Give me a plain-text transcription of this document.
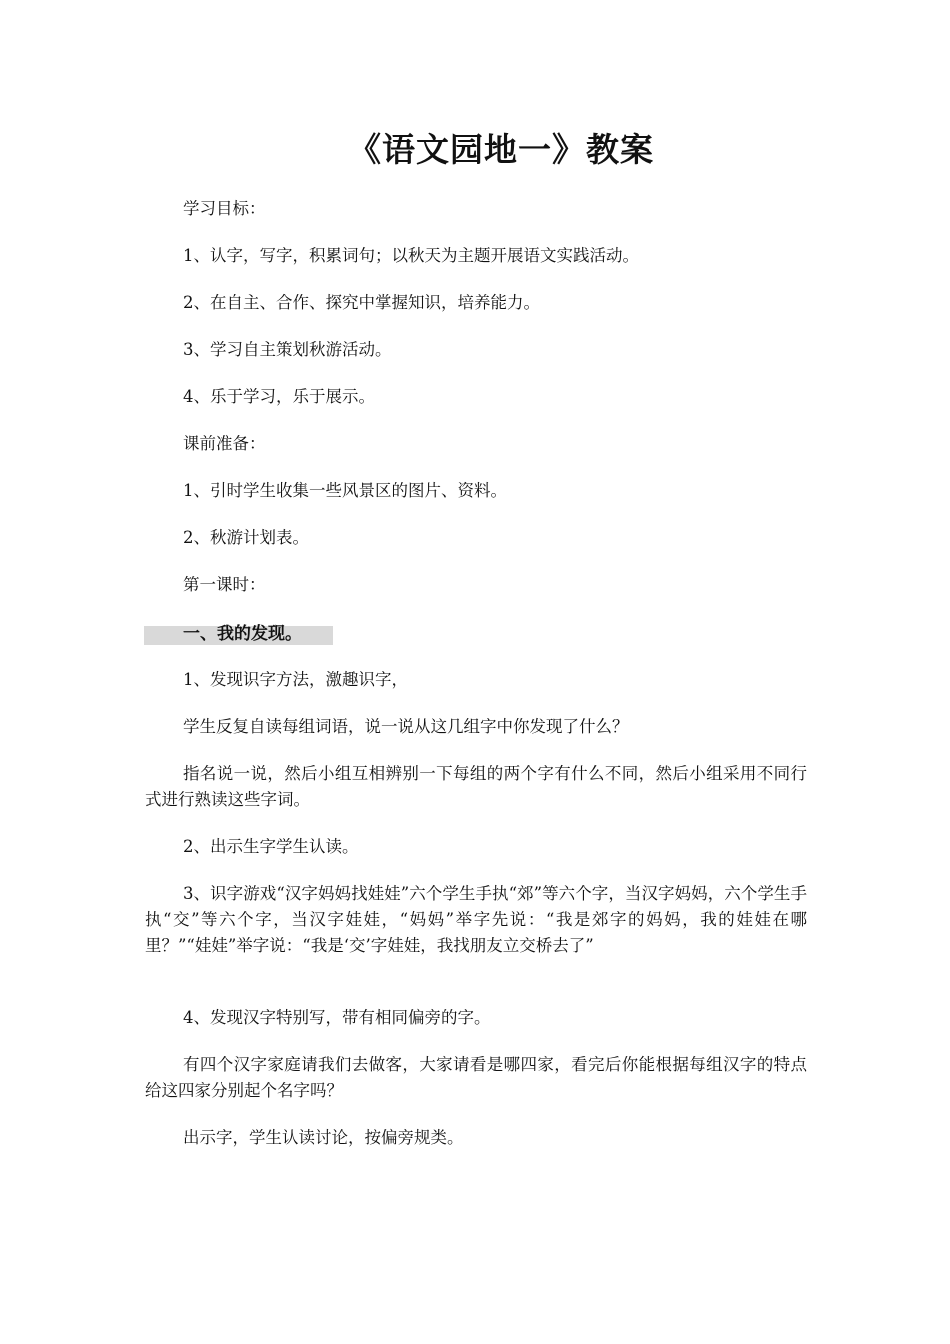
《语文园地一》教案
学习目标：
1、认字，写字，积累词句；以秋天为主题开展语文实践活动。
2、在自主、合作、探究中掌握知识，培养能力。
3、学习自主策划秋游活动。
4、乐于学习，乐于展示。
课前准备：
1、引时学生收集一些风景区的图片、资料。
2、秋游计划表。
第一课时：
一、我的发现。
1、发现识字方法，激趣识字，
学生反复自读每组词语，说一说从这几组字中你发现了什么？
指名说一说，然后小组互相辨别一下每组的两个字有什么不同，然后小组采用不同行式进行熟读这些字词。
2、出示生字学生认读。
3、识字游戏“汉字妈妈找娃娃”六个学生手执“郊”等六个字，当汉字妈妈，六个学生手执“交”等六个字，当汉字娃娃，“妈妈”举字先说：“我是郊字的妈妈，我的娃娃在哪里？”“娃娃”举字说：“我是‘交’字娃娃，我找朋友立交桥去了”
4、发现汉字特别写，带有相同偏旁的字。
有四个汉字家庭请我们去做客，大家请看是哪四家，看完后你能根据每组汉字的特点给这四家分别起个名字吗？
出示字，学生认读讨论，按偏旁规类。
